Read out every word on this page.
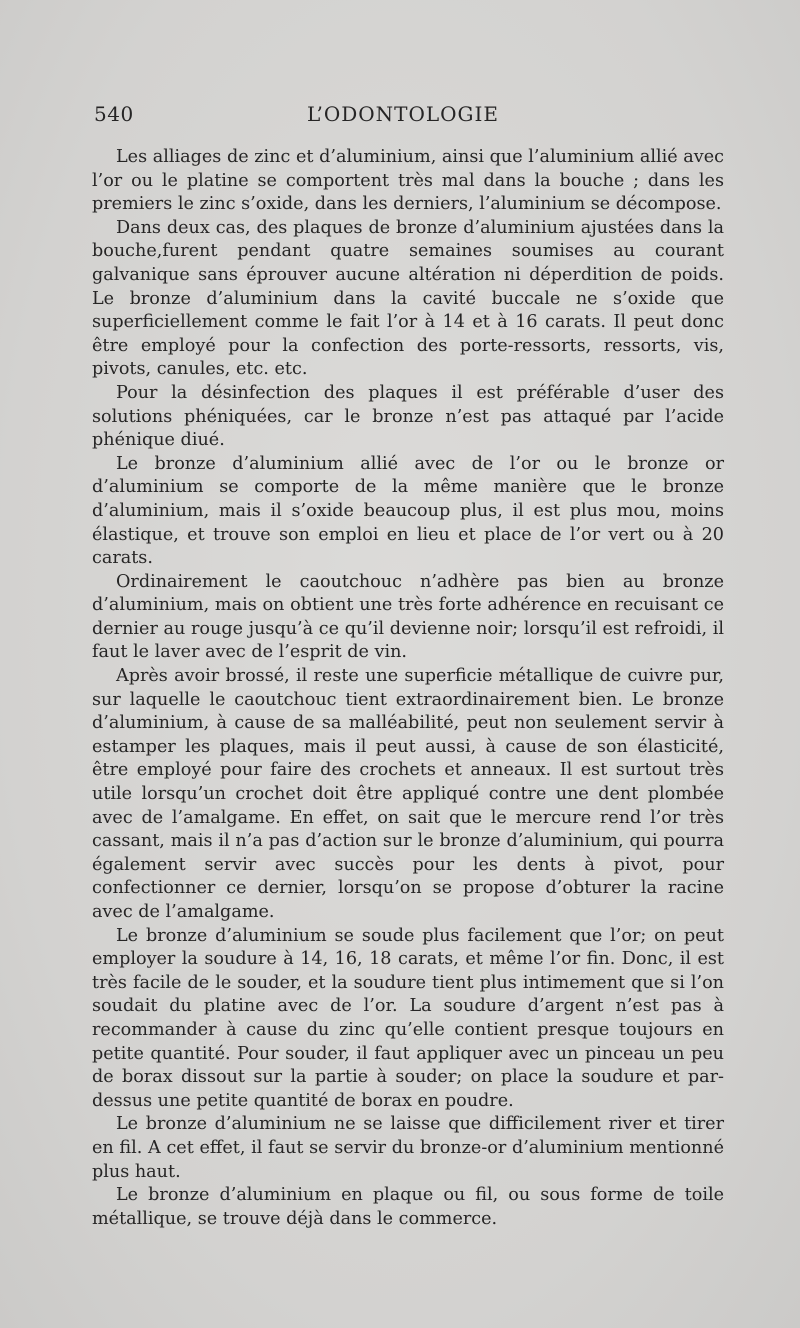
540	L’ODONTOLOGIE

Les alliages de zinc et d’aluminium, ainsi que l’aluminium allié avec l’or ou le platine se comportent très mal dans la bouche ; dans les premiers le zinc s’oxide, dans les derniers, l’aluminium se décompose.

Dans deux cas, des plaques de bronze d’aluminium ajustées dans la bouche,furent pendant quatre semaines soumises au courant galvanique sans éprouver aucune altération ni déperdition de poids. Le bronze d’aluminium dans la cavité buccale ne s’oxide que superficiellement comme le fait l’or à 14 et à 16 carats. Il peut donc être employé pour la confection des porte-ressorts, ressorts, vis, pivots, canules, etc. etc.

Pour la désinfection des plaques il est préférable d’user des solutions phéniquées, car le bronze n’est pas attaqué par l’acide phénique diué.

Le bronze d’aluminium allié avec de l’or ou le bronze or d’aluminium se comporte de la même manière que le bronze d’aluminium, mais il s’oxide beaucoup plus, il est plus mou, moins élastique, et trouve son emploi en lieu et place de l’or vert ou à 20 carats.

Ordinairement le caoutchouc n’adhère pas bien au bronze d’aluminium, mais on obtient une très forte adhérence en recuisant ce dernier au rouge jusqu’à ce qu’il devienne noir; lorsqu’il est refroidi, il faut le laver avec de l’esprit de vin.

Après avoir brossé, il reste une superficie métallique de cuivre pur, sur laquelle le caoutchouc tient extraordinairement bien. Le bronze d’aluminium, à cause de sa malléabilité, peut non seulement servir à estamper les plaques, mais il peut aussi, à cause de son élasticité, être employé pour faire des crochets et anneaux. Il est surtout très utile lorsqu’un crochet doit être appliqué contre une dent plombée avec de l’amalgame. En effet, on sait que le mercure rend l’or très cassant, mais il n’a pas d’action sur le bronze d’aluminium, qui pourra également servir avec succès pour les dents à pivot, pour confectionner ce dernier, lorsqu’on se propose d’obturer la racine avec de l’amalgame.

Le bronze d’aluminium se soude plus facilement que l’or; on peut employer la soudure à 14, 16, 18 carats, et même l’or fin. Donc, il est très facile de le souder, et la soudure tient plus intimement que si l’on soudait du platine avec de l’or. La soudure d’argent n’est pas à recommander à cause du zinc qu’elle contient presque toujours en petite quantité. Pour souder, il faut appliquer avec un pinceau un peu de borax dissout sur la partie à souder; on place la soudure et par-dessus une petite quantité de borax en poudre.

Le bronze d’aluminium ne se laisse que difficilement river et tirer en fil. A cet effet, il faut se servir du bronze-or d’aluminium mentionné plus haut.

Le bronze d’aluminium en plaque ou fil, ou sous forme de toile métallique, se trouve déjà dans le commerce.
